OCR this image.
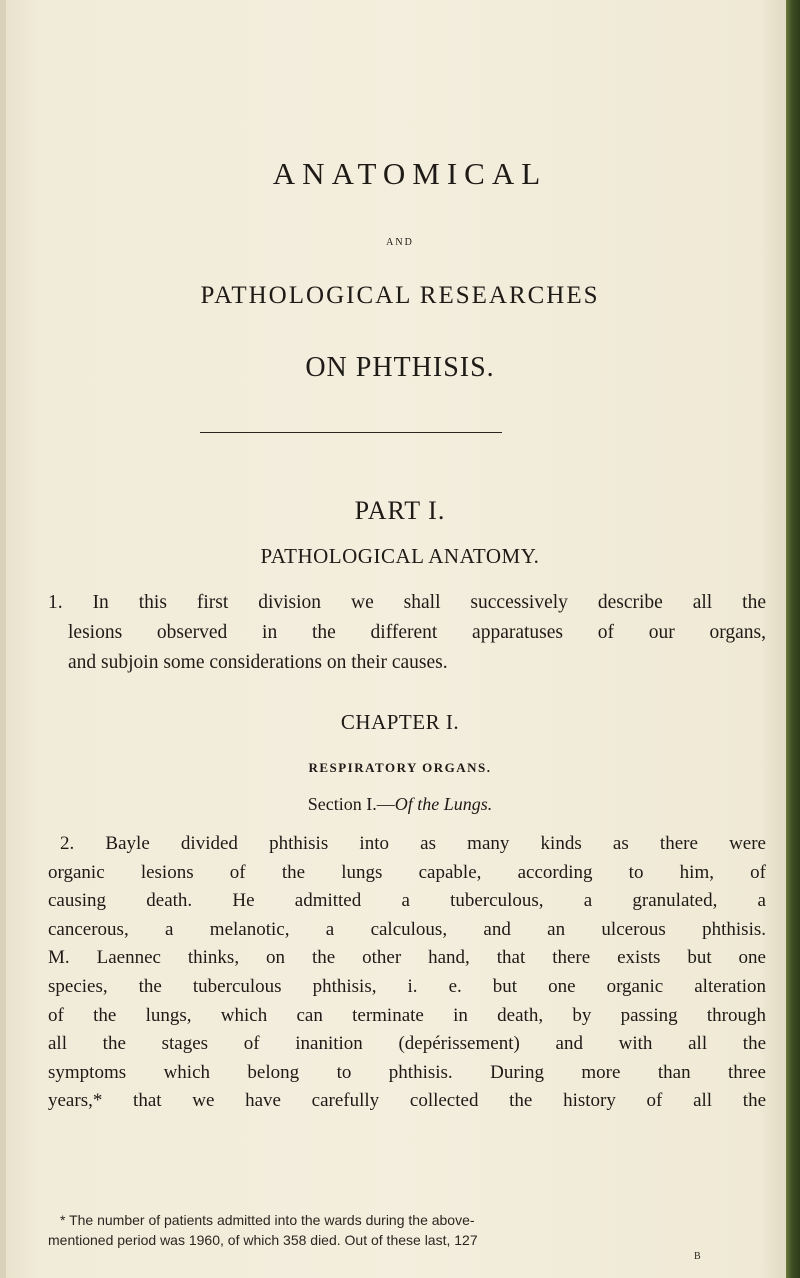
ANATOMICAL
AND
PATHOLOGICAL RESEARCHES
ON PHTHISIS.
PART I.
PATHOLOGICAL ANATOMY.
1. In this first division we shall successively describe all the
lesions observed in the different apparatuses of our organs,
and subjoin some considerations on their causes.
CHAPTER I.
RESPIRATORY ORGANS.
Section I.—Of the Lungs.
2. Bayle divided phthisis into as many kinds as there were
organic lesions of the lungs capable, according to him, of
causing death. He admitted a tuberculous, a granulated, a
cancerous, a melanotic, a calculous, and an ulcerous phthisis.
M. Laennec thinks, on the other hand, that there exists but one
species, the tuberculous phthisis, i. e. but one organic alteration
of the lungs, which can terminate in death, by passing through
all the stages of inanition (depérissement) and with all the
symptoms which belong to phthisis. During more than three
years,* that we have carefully collected the history of all the
* The number of patients admitted into the wards during the above-
mentioned period was 1960, of which 358 died. Out of these last, 127
B
